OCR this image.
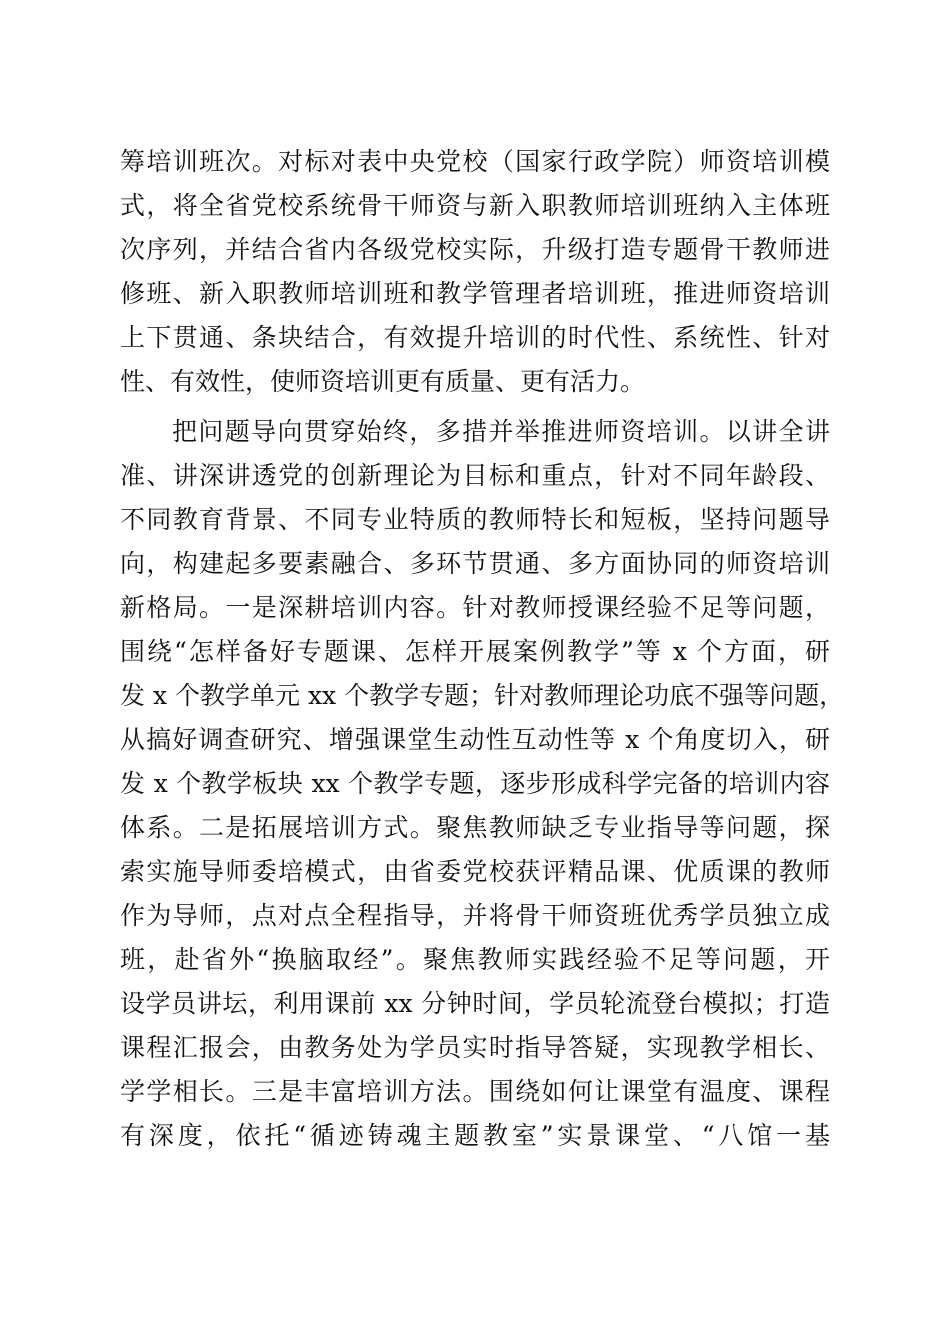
筹培训班次。对标对表中央党校（国家行政学院）师资培训模
式，将全省党校系统骨干师资与新入职教师培训班纳入主体班
次序列，并结合省内各级党校实际，升级打造专题骨干教师进
修班、新入职教师培训班和教学管理者培训班，推进师资培训
上下贯通、条块结合，有效提升培训的时代性、系统性、针对
性、有效性，使师资培训更有质量、更有活力。
把问题导向贯穿始终，多措并举推进师资培训。以讲全讲
准、讲深讲透党的创新理论为目标和重点，针对不同年龄段、
不同教育背景、不同专业特质的教师特长和短板，坚持问题导
向，构建起多要素融合、多环节贯通、多方面协同的师资培训
新格局。一是深耕培训内容。针对教师授课经验不足等问题，
围绕“怎样备好专题课、怎样开展案例教学”等 x 个方面，研
发 x 个教学单元 xx 个教学专题；针对教师理论功底不强等问题，
从搞好调查研究、增强课堂生动性互动性等 x 个角度切入，研
发 x 个教学板块 xx 个教学专题，逐步形成科学完备的培训内容
体系。二是拓展培训方式。聚焦教师缺乏专业指导等问题，探
索实施导师委培模式，由省委党校获评精品课、优质课的教师
作为导师，点对点全程指导，并将骨干师资班优秀学员独立成
班，赴省外“换脑取经”。聚焦教师实践经验不足等问题，开
设学员讲坛，利用课前 xx 分钟时间，学员轮流登台模拟；打造
课程汇报会，由教务处为学员实时指导答疑，实现教学相长、
学学相长。三是丰富培训方法。围绕如何让课堂有温度、课程
有深度，依托“循迹铸魂主题教室”实景课堂、“八馆一基
